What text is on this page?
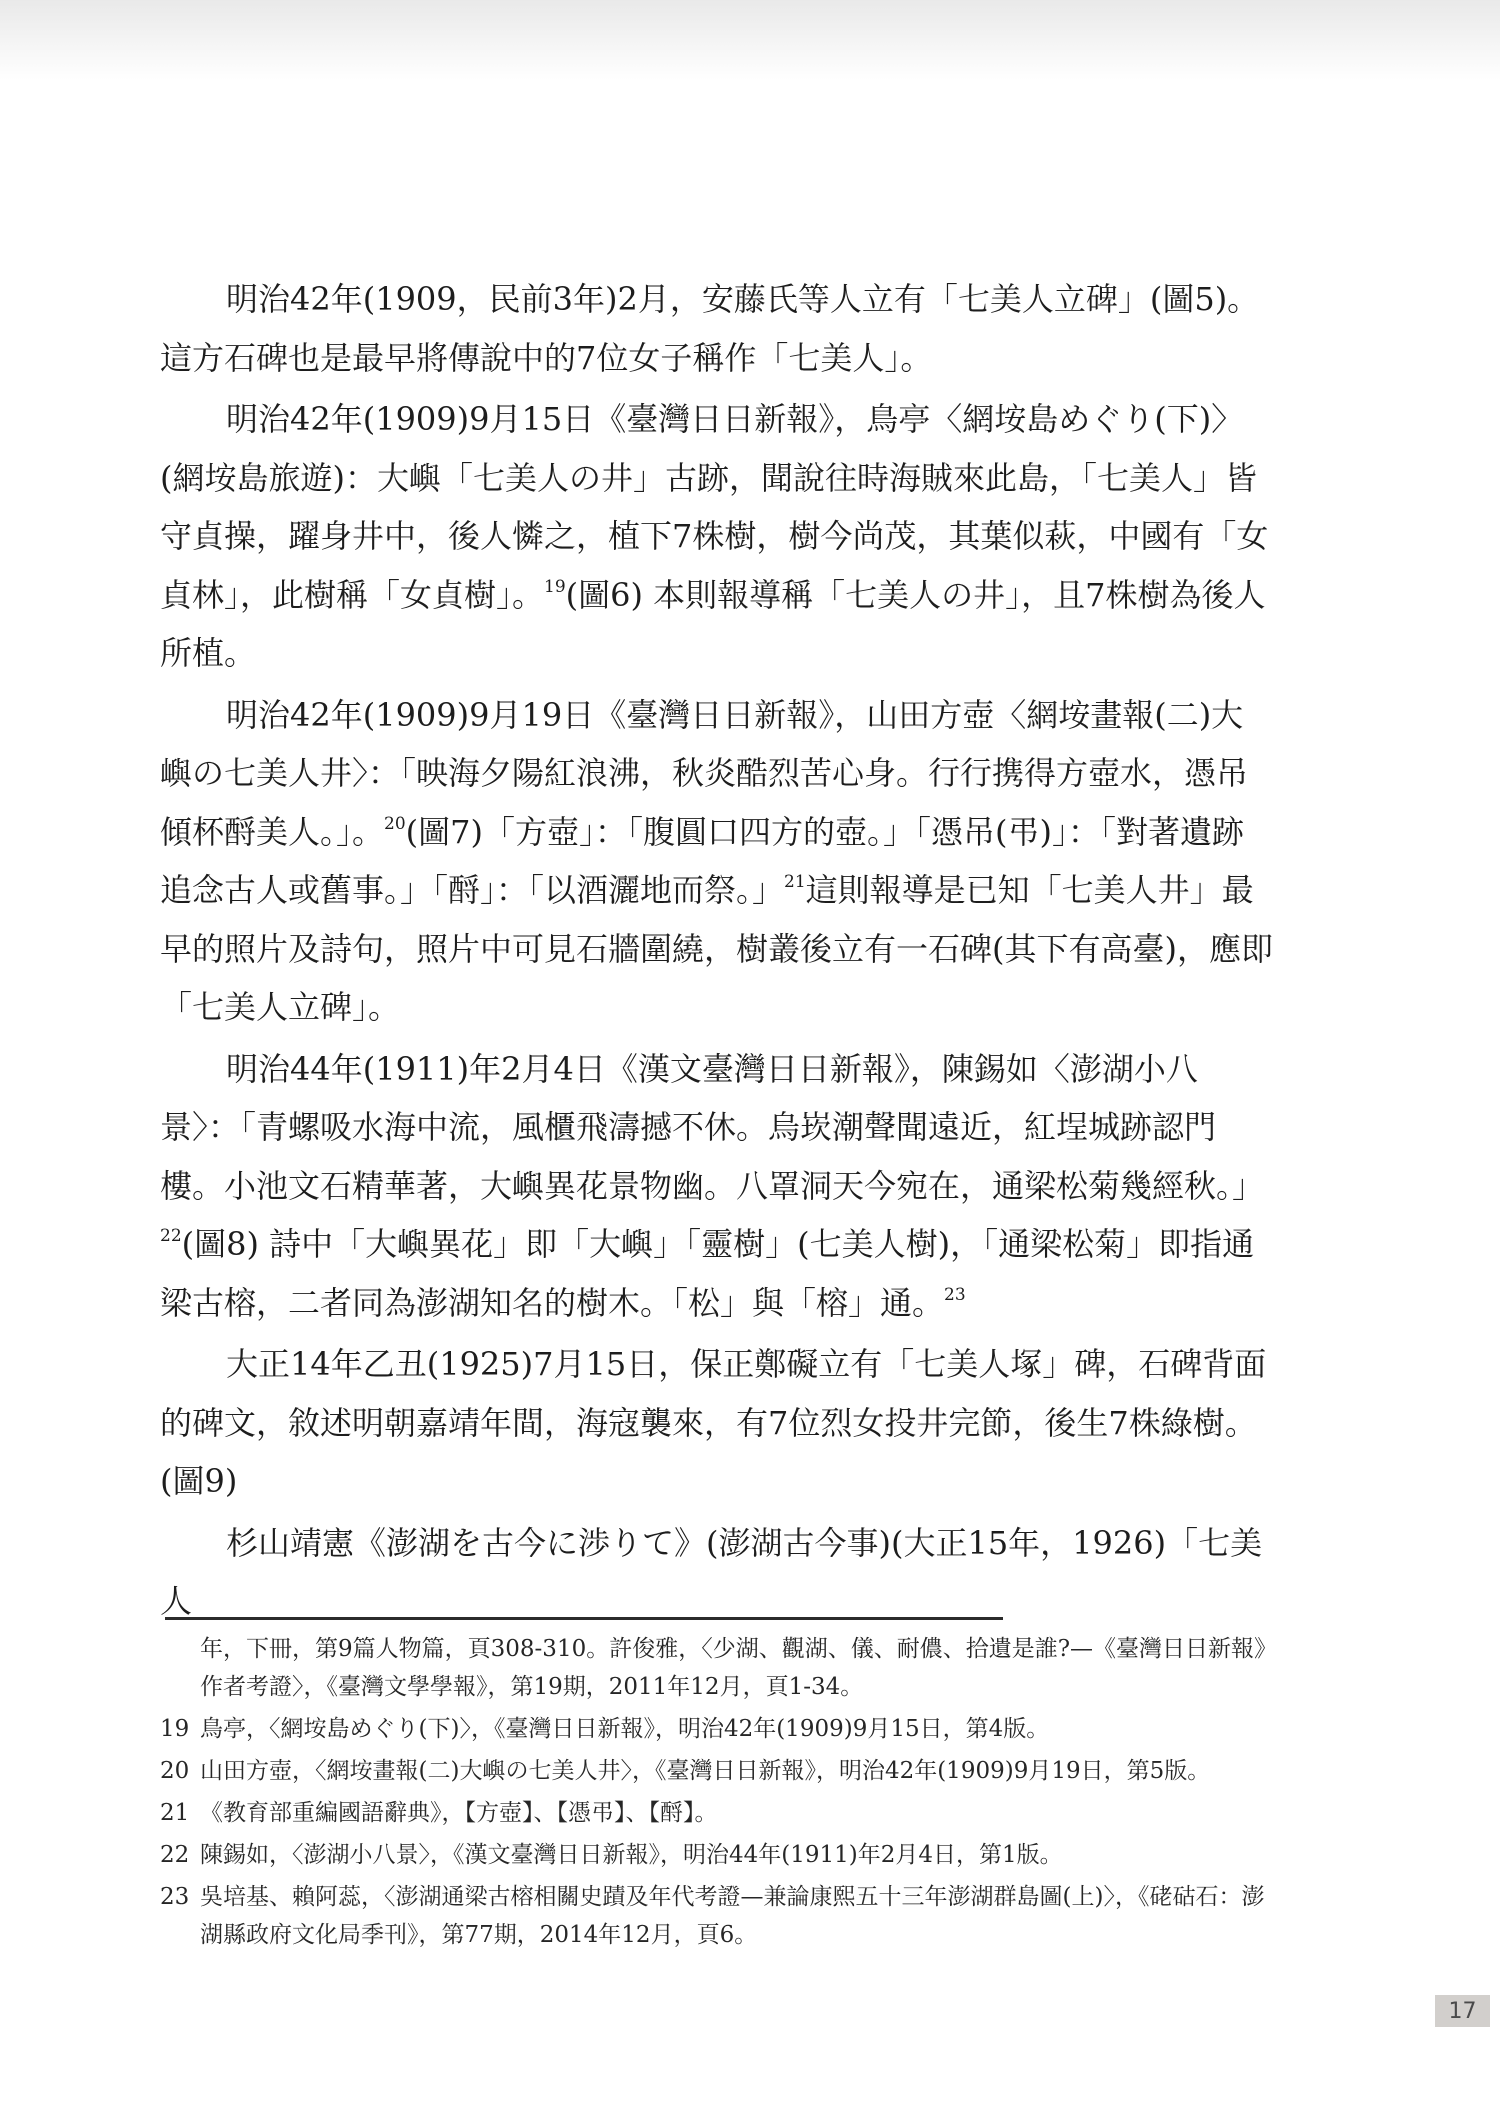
明治42年(1909，民前3年)2月，安藤氏等人立有「七美人立碑」(圖5)。這方石碑也是最早將傳說中的7位女子稱作「七美人」。

明治42年(1909)9月15日《臺灣日日新報》，鳥亭〈網垵島めぐり(下)〉(網垵島旅遊)：大嶼「七美人の井」古跡，聞說往時海賊來此島，「七美人」皆守貞操，躍身井中，後人憐之，植下7株樹，樹今尚茂，其葉似萩，中國有「女貞林」，此樹稱「女貞樹」。$^{19}$(圖6) 本則報導稱「七美人の井」，且7株樹為後人所植。

明治42年(1909)9月19日《臺灣日日新報》，山田方壺〈網垵畫報(二)大嶼の七美人井〉：「映海夕陽紅浪沸，秋炎酷烈苦心身。行行携得方壺水，憑吊傾杯酹美人。」。$^{20}$(圖7)「方壺」：「腹圓口四方的壺。」「憑吊(弔)」：「對著遺跡追念古人或舊事。」「酹」：「以酒灑地而祭。」$^{21}$這則報導是已知「七美人井」最早的照片及詩句，照片中可見石牆圍繞，樹叢後立有一石碑(其下有高臺)，應即「七美人立碑」。

明治44年(1911)年2月4日《漢文臺灣日日新報》，陳錫如〈澎湖小八景〉：「青螺吸水海中流，風櫃飛濤撼不休。烏崁潮聲聞遠近，紅埕城跡認門樓。小池文石精華著，大嶼異花景物幽。八罩洞天今宛在，通梁松菊幾經秋。」$^{22}$(圖8) 詩中「大嶼異花」即「大嶼」「靈樹」(七美人樹)，「通梁松菊」即指通梁古榕，二者同為澎湖知名的樹木。「松」與「榕」通。$^{23}$

大正14年乙丑(1925)7月15日，保正鄭礙立有「七美人塚」碑，石碑背面的碑文，敘述明朝嘉靖年間，海寇襲來，有7位烈女投井完節，後生7株綠樹。(圖9)

杉山靖憲《澎湖を古今に渉りて》(澎湖古今事)(大正15年，1926)「七美人

年，下冊，第9篇人物篇，頁308-310。許俊雅，〈少湖、觀湖、儀、耐儂、拾遺是誰?—《臺灣日日新報》作者考證〉，《臺灣文學學報》，第19期，2011年12月，頁1-34。

19 鳥亭，〈網垵島めぐり(下)〉，《臺灣日日新報》，明治42年(1909)9月15日，第4版。

20 山田方壺，〈網垵畫報(二)大嶼の七美人井〉，《臺灣日日新報》，明治42年(1909)9月19日，第5版。

21 《教育部重編國語辭典》，【方壺】、【憑弔】、【酹】。

22 陳錫如，〈澎湖小八景〉，《漢文臺灣日日新報》，明治44年(1911)年2月4日，第1版。

23 吳培基、賴阿蕊，〈澎湖通梁古榕相關史蹟及年代考證—兼論康熙五十三年澎湖群島圖(上)〉，《硓𥑮石：澎湖縣政府文化局季刊》，第77期，2014年12月，頁6。

17
